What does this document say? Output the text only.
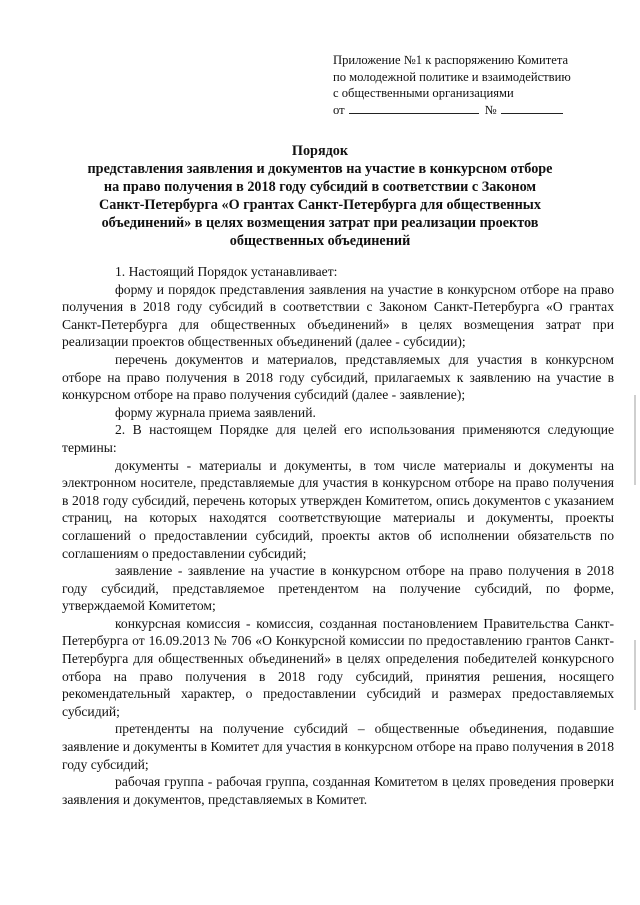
Приложение №1 к распоряжению Комитета
по молодежной политике и взаимодействию
с общественными организациями
от	№
Порядок
представления заявления и документов на участие в конкурсном отборе
на право получения в 2018 году субсидий в соответствии с Законом
Санкт-Петербурга «О грантах Санкт-Петербурга для общественных
объединений» в целях возмещения затрат при реализации проектов
общественных объединений

1. Настоящий Порядок устанавливает:

форму и порядок представления заявления на участие в конкурсном отборе на право получения в 2018 году субсидий в соответствии с Законом Санкт-Петербурга «О грантах Санкт-Петербурга для общественных объединений» в целях возмещения затрат при реализации проектов общественных объединений (далее - субсидии);

перечень документов и материалов, представляемых для участия в конкурсном отборе на право получения в 2018 году субсидий, прилагаемых к заявлению на участие в конкурсном отборе на право получения субсидий (далее - заявление);

форму журнала приема заявлений.

2. В настоящем Порядке для целей его использования применяются следующие термины:

документы - материалы и документы, в том числе материалы и документы на электронном носителе, представляемые для участия в конкурсном отборе на право получения в 2018 году субсидий, перечень которых утвержден Комитетом, опись документов с указанием страниц, на которых находятся соответствующие материалы и документы, проекты соглашений о предоставлении субсидий, проекты актов об исполнении обязательств по соглашениям о предоставлении субсидий;

заявление - заявление на участие в конкурсном отборе на право получения в 2018 году субсидий, представляемое претендентом на получение субсидий, по форме, утверждаемой Комитетом;

конкурсная комиссия - комиссия, созданная постановлением Правительства Санкт-Петербурга от 16.09.2013 № 706 «О Конкурсной комиссии по предоставлению грантов Санкт-Петербурга для общественных объединений» в целях определения победителей конкурсного отбора на право получения в 2018 году субсидий, принятия решения, носящего рекомендательный характер, о предоставлении субсидий и размерах предоставляемых субсидий;

претенденты на получение субсидий – общественные объединения, подавшие заявление и документы в Комитет для участия в конкурсном отборе на право получения в 2018 году субсидий;

рабочая группа - рабочая группа, созданная Комитетом в целях проведения проверки заявления и документов, представляемых в Комитет.
